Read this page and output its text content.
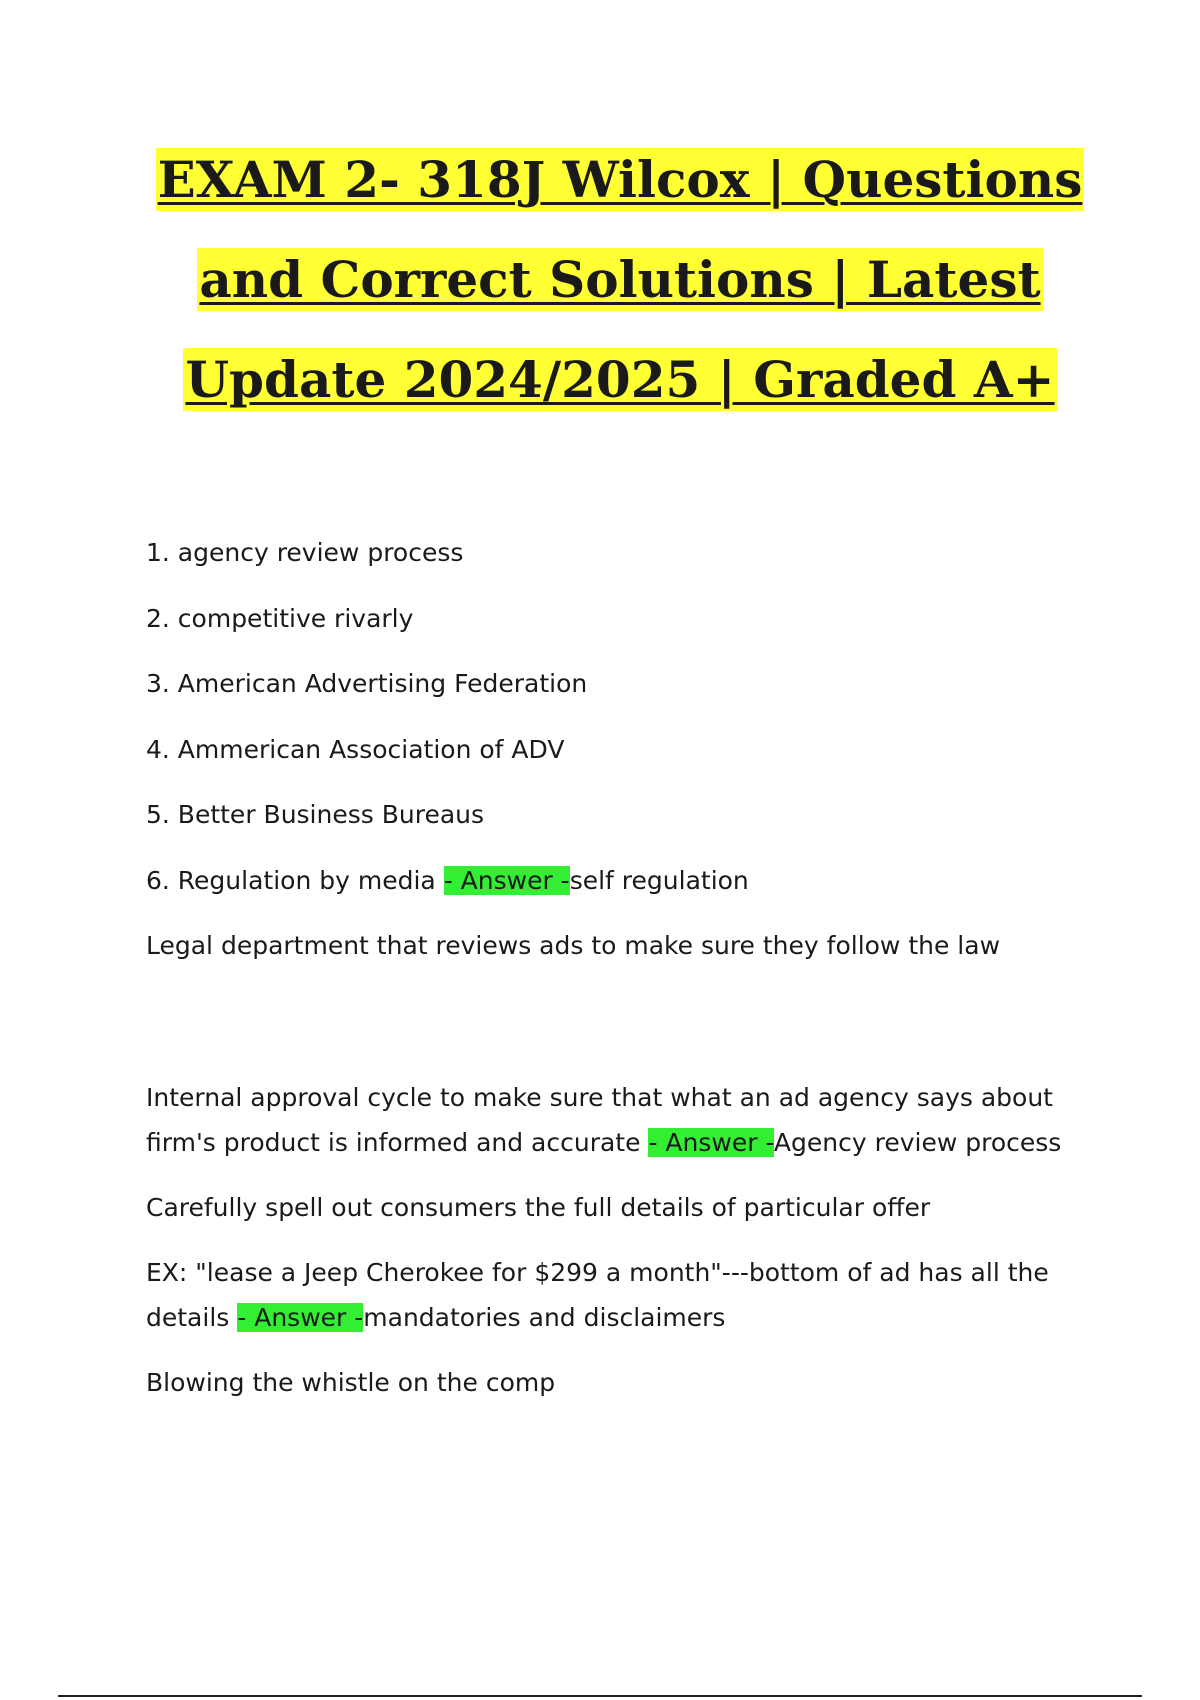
EXAM 2- 318J Wilcox | Questions
and Correct Solutions | Latest
Update 2024/2025 | Graded A+

1. agency review process

2. competitive rivarly

3. American Advertising Federation

4. Ammerican Association of ADV

5. Better Business Bureaus

6. Regulation by media - Answer -self regulation

Legal department that reviews ads to make sure they follow the law

Internal approval cycle to make sure that what an ad agency says about firm's product is informed and accurate - Answer -Agency review process

Carefully spell out consumers the full details of particular offer

EX: "lease a Jeep Cherokee for $299 a month"---bottom of ad has all the details - Answer -mandatories and disclaimers

Blowing the whistle on the comp
